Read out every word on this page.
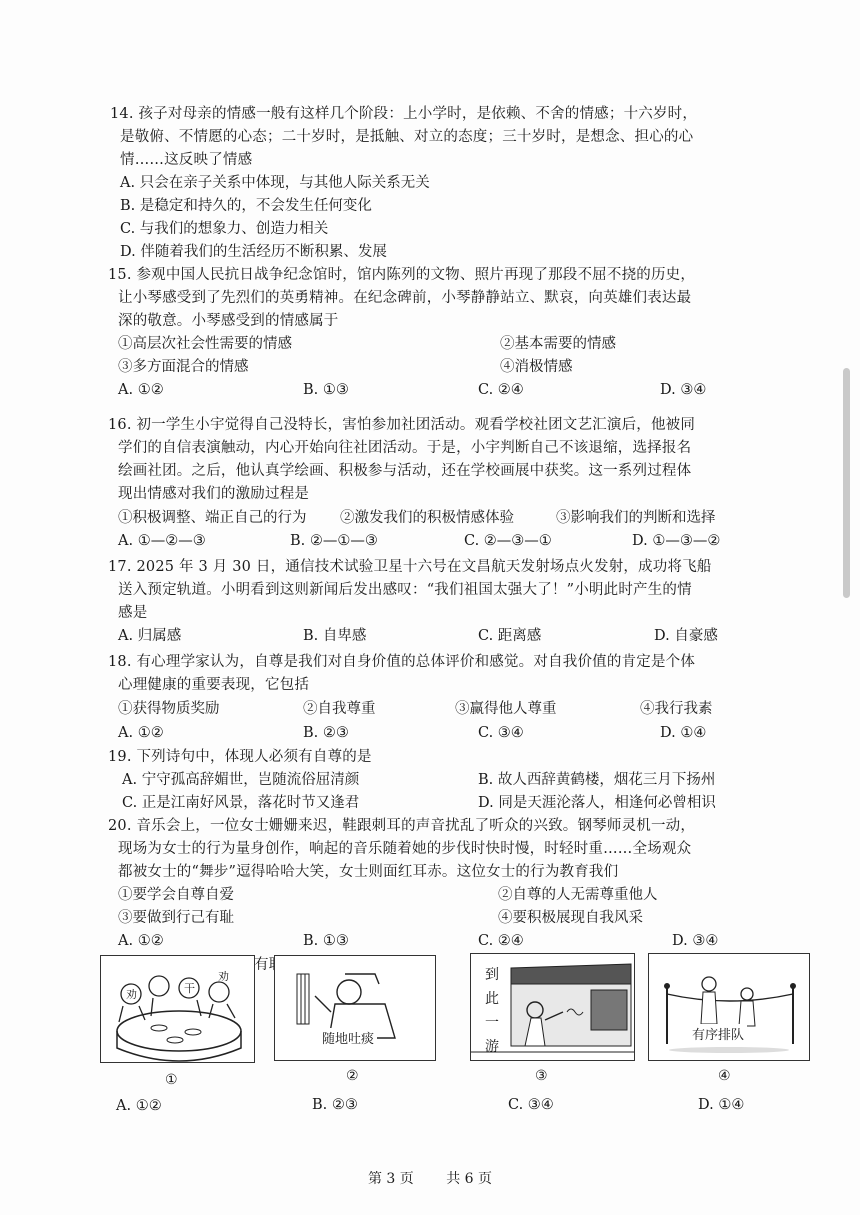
14. 孩子对母亲的情感一般有这样几个阶段：上小学时，是依赖、不舍的情感；十六岁时，
是敬俯、不情愿的心态；二十岁时，是抵触、对立的态度；三十岁时，是想念、担心的心
情……这反映了情感
A. 只会在亲子关系中体现，与其他人际关系无关
B. 是稳定和持久的，不会发生任何变化
C. 与我们的想象力、创造力相关
D. 伴随着我们的生活经历不断积累、发展
15. 参观中国人民抗日战争纪念馆时，馆内陈列的文物、照片再现了那段不屈不挠的历史，
让小琴感受到了先烈们的英勇精神。在纪念碑前，小琴静静站立、默哀，向英雄们表达最
深的敬意。小琴感受到的情感属于
①高层次社会性需要的情感	②基本需要的情感
③多方面混合的情感	④消极情感
A. ①②	B. ①③	C. ②④	D. ③④
16. 初一学生小宇觉得自己没特长，害怕参加社团活动。观看学校社团文艺汇演后，他被同
学们的自信表演触动，内心开始向往社团活动。于是，小宇判断自己不该退缩，选择报名
绘画社团。之后，他认真学绘画、积极参与活动，还在学校画展中获奖。这一系列过程体
现出情感对我们的激励过程是
①积极调整、端正自己的行为 ②激发我们的积极情感体验	③影响我们的判断和选择
A. ①—②—③	B. ②—①—③	C. ②—③—①	D. ①—③—②
17. 2025 年 3 月 30 日，通信技术试验卫星十六号在文昌航天发射场点火发射，成功将飞船
送入预定轨道。小明看到这则新闻后发出感叹：“我们祖国太强大了！”小明此时产生的情
感是
A. 归属感	B. 自卑感	C. 距离感	D. 自豪感
18. 有心理学家认为，自尊是我们对自身价值的总体评价和感觉。对自我价值的肯定是个体
心理健康的重要表现，它包括
①获得物质奖励	②自我尊重	③赢得他人尊重	④我行我素
A. ①②	B. ②③	C. ③④	D. ①④
19. 下列诗句中，体现人必须有自尊的是
A. 宁守孤高辞媚世，岂随流俗屈清颜	B. 故人西辞黄鹤楼，烟花三月下扬州
C. 正是江南好风景，落花时节又逢君	D. 同是天涯沦落人，相逢何必曾相识
20. 音乐会上，一位女士姗姗来迟，鞋跟刺耳的声音扰乱了听众的兴致。钢琴师灵机一动，
现场为女士的行为量身创作，响起的音乐随着她的步伐时快时慢，时轻时重……全场观众
都被女士的“舞步”逗得哈哈大笑，女士则面红耳赤。这位女士的行为教育我们
①要学会自尊自爱	②自尊的人无需尊重他人
③要做到行己有耻	④要积极展现自我风采
A. ①②	B. ①③	C. ②④	D. ③④
劝
劝
干
随地吐痰
到
此
一
游
有序排队
①	②	③	④
A. ①②	B. ②③	C. ③④	D. ①④
第 3 页 共 6 页
